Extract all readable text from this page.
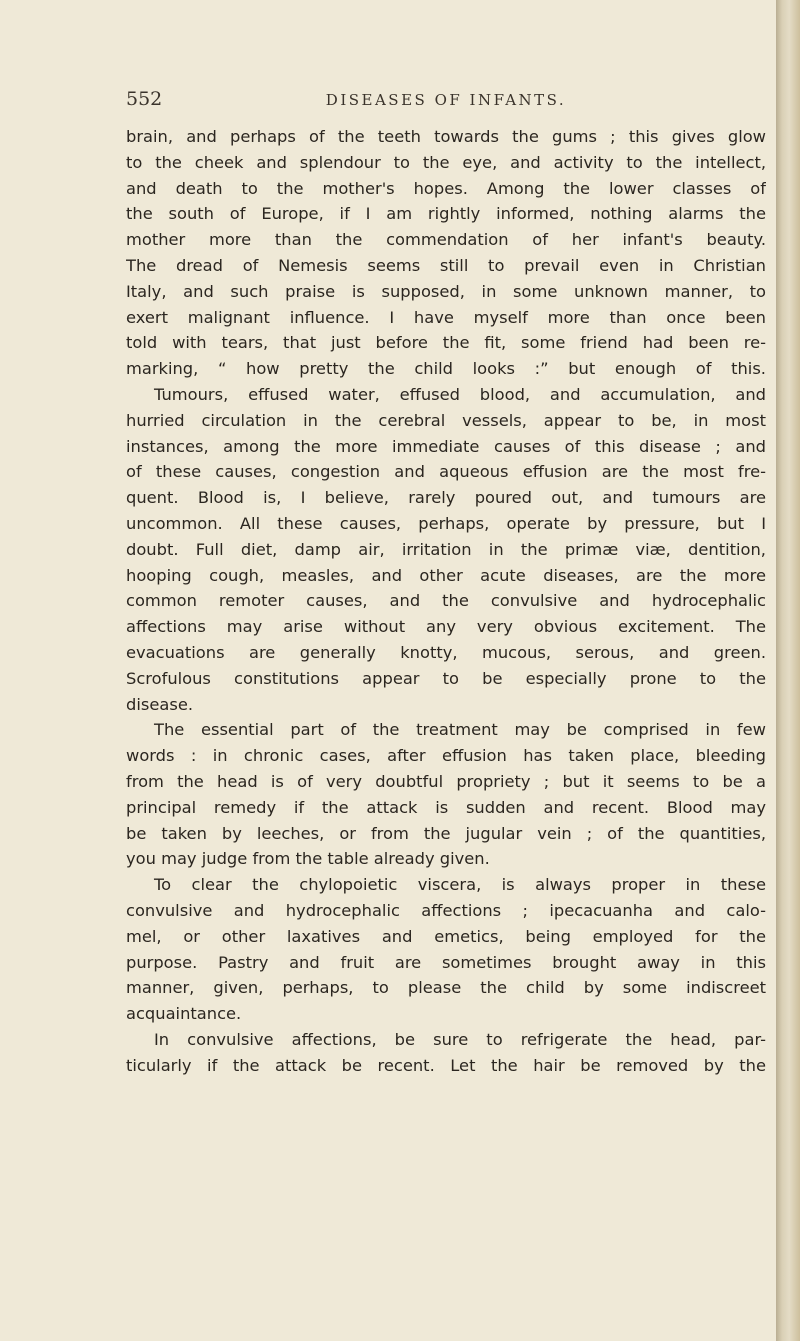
552	DISEASES OF INFANTS.
brain, and perhaps of the teeth towards the gums ; this gives glow
to the cheek and splendour to the eye, and activity to the intellect,
and death to the mother's hopes. Among the lower classes of
the south of Europe, if I am rightly informed, nothing alarms the
mother more than the commendation of her infant's beauty.
The dread of Nemesis seems still to prevail even in Christian
Italy, and such praise is supposed, in some unknown manner, to
exert malignant influence. I have myself more than once been
told with tears, that just before the fit, some friend had been re-
marking, “ how pretty the child looks :” but enough of this.
Tumours, effused water, effused blood, and accumulation, and
hurried circulation in the cerebral vessels, appear to be, in most
instances, among the more immediate causes of this disease ; and
of these causes, congestion and aqueous effusion are the most fre-
quent. Blood is, I believe, rarely poured out, and tumours are
uncommon. All these causes, perhaps, operate by pressure, but I
doubt. Full diet, damp air, irritation in the primæ viæ, dentition,
hooping cough, measles, and other acute diseases, are the more
common remoter causes, and the convulsive and hydrocephalic
affections may arise without any very obvious excitement. The
evacuations are generally knotty, mucous, serous, and green.
Scrofulous constitutions appear to be especially prone to the
disease.
The essential part of the treatment may be comprised in few
words : in chronic cases, after effusion has taken place, bleeding
from the head is of very doubtful propriety ; but it seems to be a
principal remedy if the attack is sudden and recent. Blood may
be taken by leeches, or from the jugular vein ; of the quantities,
you may judge from the table already given.
To clear the chylopoietic viscera, is always proper in these
convulsive and hydrocephalic affections ; ipecacuanha and calo-
mel, or other laxatives and emetics, being employed for the
purpose. Pastry and fruit are sometimes brought away in this
manner, given, perhaps, to please the child by some indiscreet
acquaintance.
In convulsive affections, be sure to refrigerate the head, par-
ticularly if the attack be recent. Let the hair be removed by the
